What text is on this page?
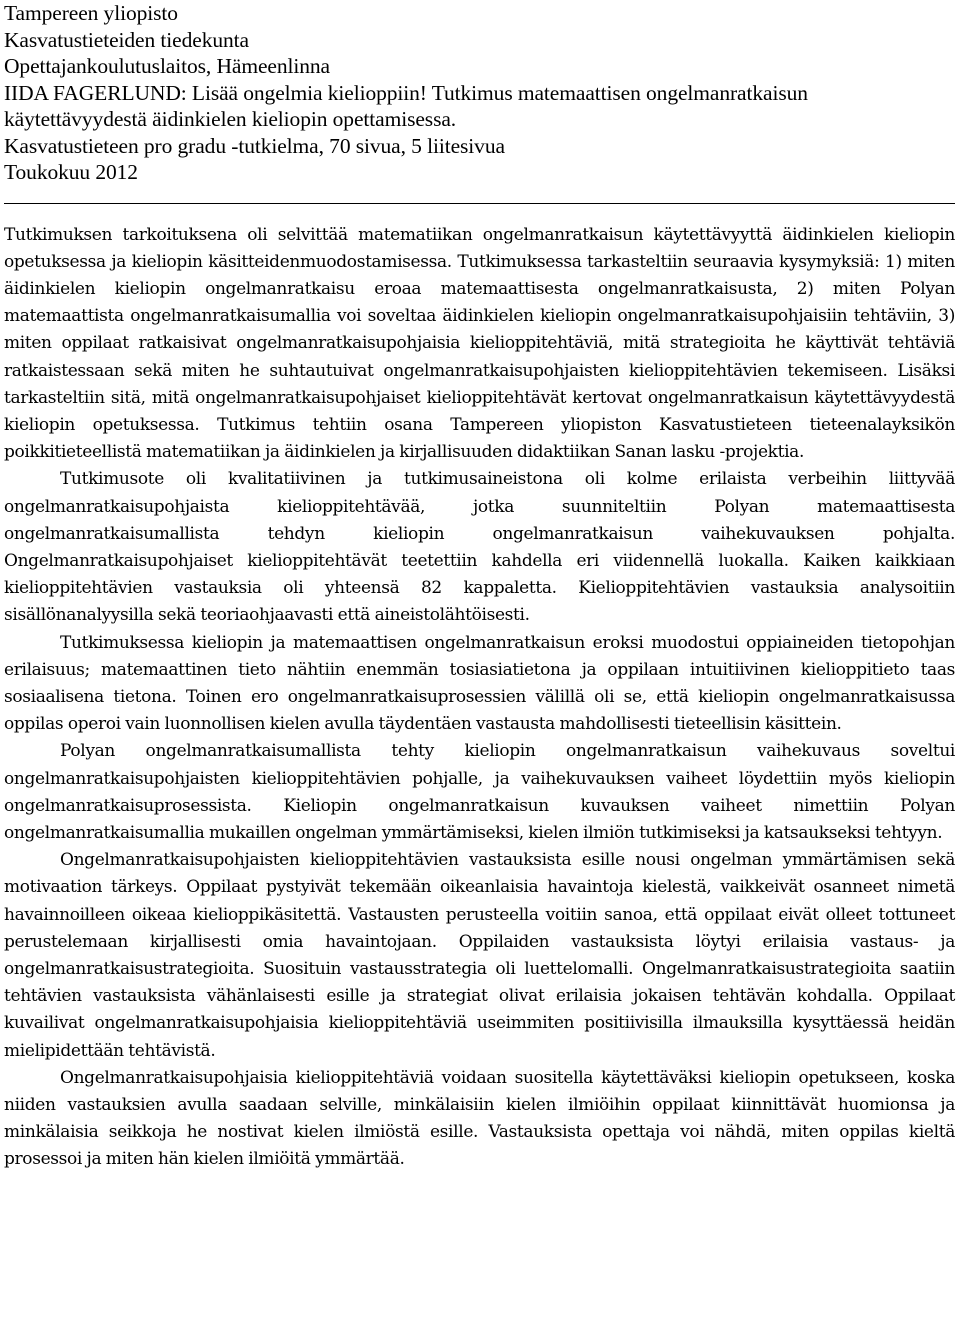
Tampereen yliopisto
Kasvatustieteiden tiedekunta
Opettajankoulutuslaitos, Hämeenlinna
IIDA FAGERLUND: Lisää ongelmia kielioppiin! Tutkimus matemaattisen ongelmanratkaisun
käytettävyydestä äidinkielen kieliopin opettamisessa.
Kasvatustieteen pro gradu -tutkielma, 70 sivua, 5 liitesivua
Toukokuu 2012

Tutkimuksen tarkoituksena oli selvittää matematiikan ongelmanratkaisun käytettävyyttä äidinkielen kieliopin opetuksessa ja kieliopin käsitteidenmuodostamisessa. Tutkimuksessa tarkasteltiin seuraavia kysymyksiä: 1) miten äidinkielen kieliopin ongelmanratkaisu eroaa matemaattisesta ongelmanratkaisusta, 2) miten Polyan matemaattista ongelmanratkaisumallia voi soveltaa äidinkielen kieliopin ongelmanratkaisupohjaisiin tehtäviin, 3) miten oppilaat ratkaisivat ongelmanratkaisupohjaisia kielioppitehtäviä, mitä strategioita he käyttivät tehtäviä ratkaistessaan sekä miten he suhtautuivat ongelmanratkaisupohjaisten kielioppitehtävien tekemiseen. Lisäksi tarkasteltiin sitä, mitä ongelmanratkaisupohjaiset kielioppitehtävät kertovat ongelmanratkaisun käytettävyydestä kieliopin opetuksessa. Tutkimus tehtiin osana Tampereen yliopiston Kasvatustieteen tieteenalayksikön poikkitieteellistä matematiikan ja äidinkielen ja kirjallisuuden didaktiikan Sanan lasku -projektia.

Tutkimusote oli kvalitatiivinen ja tutkimusaineistona oli kolme erilaista verbeihin liittyvää ongelmanratkaisupohjaista kielioppitehtävää, jotka suunniteltiin Polyan matemaattisesta ongelmanratkaisumallista tehdyn kieliopin ongelmanratkaisun vaihekuvauksen pohjalta. Ongelmanratkaisupohjaiset kielioppitehtävät teetettiin kahdella eri viidennellä luokalla. Kaiken kaikkiaan kielioppitehtävien vastauksia oli yhteensä 82 kappaletta. Kielioppitehtävien vastauksia analysoitiin sisällönanalyysilla sekä teoriaohjaavasti että aineistolähtöisesti.

Tutkimuksessa kieliopin ja matemaattisen ongelmanratkaisun eroksi muodostui oppiaineiden tietopohjan erilaisuus; matemaattinen tieto nähtiin enemmän tosiasiatietona ja oppilaan intuitiivinen kielioppitieto taas sosiaalisena tietona. Toinen ero ongelmanratkaisuprosessien välillä oli se, että kieliopin ongelmanratkaisussa oppilas operoi vain luonnollisen kielen avulla täydentäen vastausta mahdollisesti tieteellisin käsittein.

Polyan ongelmanratkaisumallista tehty kieliopin ongelmanratkaisun vaihekuvaus soveltui ongelmanratkaisupohjaisten kielioppitehtävien pohjalle, ja vaihekuvauksen vaiheet löydettiin myös kieliopin ongelmanratkaisuprosessista. Kieliopin ongelmanratkaisun kuvauksen vaiheet nimettiin Polyan ongelmanratkaisumallia mukaillen ongelman ymmärtämiseksi, kielen ilmiön tutkimiseksi ja katsaukseksi tehtyyn.

Ongelmanratkaisupohjaisten kielioppitehtävien vastauksista esille nousi ongelman ymmärtämisen sekä motivaation tärkeys. Oppilaat pystyivät tekemään oikeanlaisia havaintoja kielestä, vaikkeivät osanneet nimetä havainnoilleen oikeaa kielioppikäsitettä. Vastausten perusteella voitiin sanoa, että oppilaat eivät olleet tottuneet perustelemaan kirjallisesti omia havaintojaan. Oppilaiden vastauksista löytyi erilaisia vastaus- ja ongelmanratkaisustrategioita. Suosituin vastausstrategia oli luettelomalli. Ongelmanratkaisustrategioita saatiin tehtävien vastauksista vähänlaisesti esille ja strategiat olivat erilaisia jokaisen tehtävän kohdalla. Oppilaat kuvailivat ongelmanratkaisupohjaisia kielioppitehtäviä useimmiten positiivisilla ilmauksilla kysyttäessä heidän mielipidettään tehtävistä.

Ongelmanratkaisupohjaisia kielioppitehtäviä voidaan suositella käytettäväksi kieliopin opetukseen, koska niiden vastauksien avulla saadaan selville, minkälaisiin kielen ilmiöihin oppilaat kiinnittävät huomionsa ja minkälaisia seikkoja he nostivat kielen ilmiöstä esille. Vastauksista opettaja voi nähdä, miten oppilas kieltä prosessoi ja miten hän kielen ilmiöitä ymmärtää.
